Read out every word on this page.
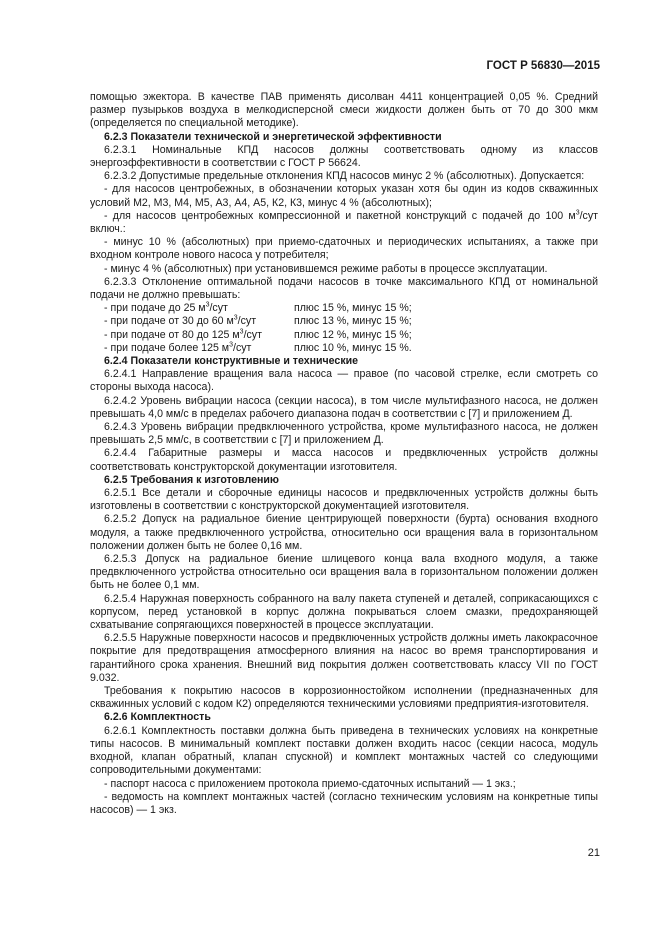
ГОСТ Р 56830—2015

помощью эжектора. В качестве ПАВ применять дисолван 4411 концентрацией 0,05 %. Средний размер пузырьков воздуха в мелкодисперсной смеси жидкости должен быть от 70 до 300 мкм (определяется по специальной методике).

6.2.3 Показатели технической и энергетической эффективности

6.2.3.1 Номинальные КПД насосов должны соответствовать одному из классов энергоэффективности в соответствии с ГОСТ Р 56624.

6.2.3.2 Допустимые предельные отклонения КПД насосов минус 2 % (абсолютных). Допускается:

- для насосов центробежных, в обозначении которых указан хотя бы один из кодов скважинных условий М2, М3, М4, М5, А3, А4, А5, К2, К3, минус 4 % (абсолютных);

- для насосов центробежных компрессионной и пакетной конструкций с подачей до 100 $м^3$/сут включ.:

- минус 10 % (абсолютных) при приемо-сдаточных и периодических испытаниях, а также при входном контроле нового насоса у потребителя;

- минус 4 % (абсолютных) при установившемся режиме работы в процессе эксплуатации.

6.2.3.3 Отклонение оптимальной подачи насосов в точке максимального КПД от номинальной подачи не должно превышать:

- при подаче до 25 $м^3$/сут	плюс 15 %, минус 15 %;
- при подаче от 30 до 60 $м^3$/сут	плюс 13 %, минус 15 %;
- при подаче от 80 до 125 $м^3$/сут	плюс 12 %, минус 15 %;
- при подаче более 125 $м^3$/сут	плюс 10 %, минус 15 %.

6.2.4 Показатели конструктивные и технические

6.2.4.1 Направление вращения вала насоса — правое (по часовой стрелке, если смотреть со стороны выхода насоса).

6.2.4.2 Уровень вибрации насоса (секции насоса), в том числе мультифазного насоса, не должен превышать 4,0 мм/с в пределах рабочего диапазона подач в соответствии с [7] и приложением Д.

6.2.4.3 Уровень вибрации предвключенного устройства, кроме мультифазного насоса, не должен превышать 2,5 мм/с, в соответствии с [7] и приложением Д.

6.2.4.4 Габаритные размеры и масса насосов и предвключенных устройств должны соответствовать конструкторской документации изготовителя.

6.2.5 Требования к изготовлению

6.2.5.1 Все детали и сборочные единицы насосов и предвключенных устройств должны быть изготовлены в соответствии с конструкторской документацией изготовителя.

6.2.5.2 Допуск на радиальное биение центрирующей поверхности (бурта) основания входного модуля, а также предвключенного устройства, относительно оси вращения вала в горизонтальном положении должен быть не более 0,16 мм.

6.2.5.3 Допуск на радиальное биение шлицевого конца вала входного модуля, а также предвключенного устройства относительно оси вращения вала в горизонтальном положении должен быть не более 0,1 мм.

6.2.5.4 Наружная поверхность собранного на валу пакета ступеней и деталей, соприкасающихся с корпусом, перед установкой в корпус должна покрываться слоем смазки, предохраняющей схватывание сопрягающихся поверхностей в процессе эксплуатации.

6.2.5.5 Наружные поверхности насосов и предвключенных устройств должны иметь лакокрасочное покрытие для предотвращения атмосферного влияния на насос во время транспортирования и гарантийного срока хранения. Внешний вид покрытия должен соответствовать классу VII по ГОСТ 9.032.

Требования к покрытию насосов в коррозионностойком исполнении (предназначенных для скважинных условий с кодом К2) определяются техническими условиями предприятия-изготовителя.

6.2.6 Комплектность

6.2.6.1 Комплектность поставки должна быть приведена в технических условиях на конкретные типы насосов. В минимальный комплект поставки должен входить насос (секции насоса, модуль входной, клапан обратный, клапан спускной) и комплект монтажных частей со следующими сопроводительными документами:

- паспорт насоса с приложением протокола приемо-сдаточных испытаний — 1 экз.;

- ведомость на комплект монтажных частей (согласно техническим условиям на конкретные типы насосов) — 1 экз.

21
